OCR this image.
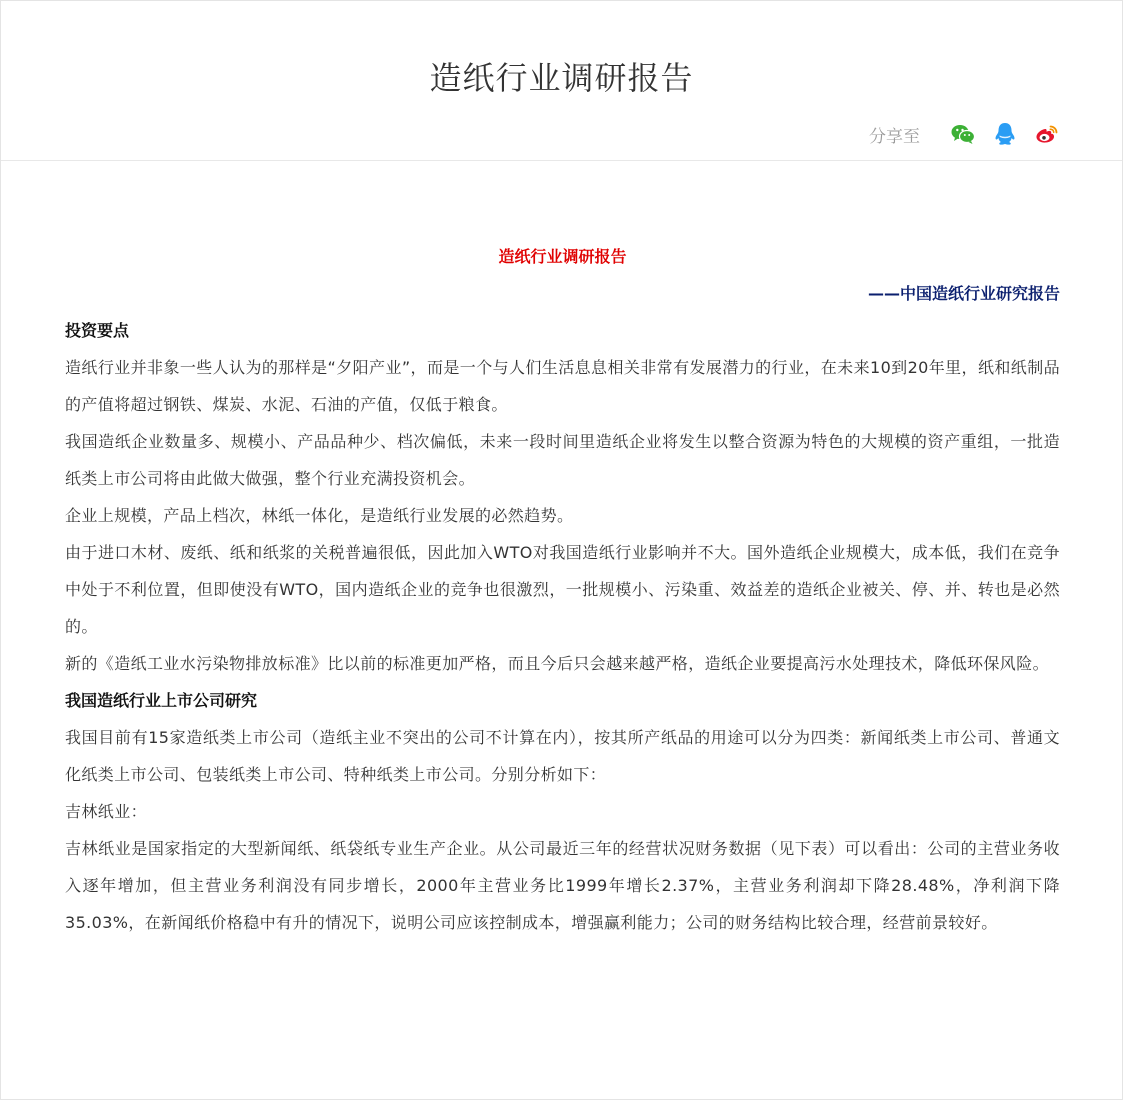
造纸行业调研报告
分享至
造纸行业调研报告
——中国造纸行业研究报告

投资要点

造纸行业并非象一些人认为的那样是“夕阳产业”，而是一个与人们生活息息相关非常有发展潜力的行业，在未来10到20年里，纸和纸制品的产值将超过钢铁、煤炭、水泥、石油的产值，仅低于粮食。

我国造纸企业数量多、规模小、产品品种少、档次偏低，未来一段时间里造纸企业将发生以整合资源为特色的大规模的资产重组，一批造纸类上市公司将由此做大做强，整个行业充满投资机会。

企业上规模，产品上档次，林纸一体化，是造纸行业发展的必然趋势。

由于进口木材、废纸、纸和纸浆的关税普遍很低，因此加入WTO对我国造纸行业影响并不大。国外造纸企业规模大，成本低，我们在竞争中处于不利位置，但即使没有WTO，国内造纸企业的竞争也很激烈，一批规模小、污染重、效益差的造纸企业被关、停、并、转也是必然的。

新的《造纸工业水污染物排放标准》比以前的标准更加严格，而且今后只会越来越严格，造纸企业要提高污水处理技术，降低环保风险。

我国造纸行业上市公司研究

我国目前有15家造纸类上市公司（造纸主业不突出的公司不计算在内），按其所产纸品的用途可以分为四类：新闻纸类上市公司、普通文化纸类上市公司、包装纸类上市公司、特种纸类上市公司。分别分析如下：

吉林纸业：

吉林纸业是国家指定的大型新闻纸、纸袋纸专业生产企业。从公司最近三年的经营状况财务数据（见下表）可以看出：公司的主营业务收入逐年增加，但主营业务利润没有同步增长，2000年主营业务比1999年增长2.37%，主营业务利润却下降28.48%，净利润下降35.03%，在新闻纸价格稳中有升的情况下，说明公司应该控制成本，增强赢利能力；公司的财务结构比较合理，经营前景较好。
